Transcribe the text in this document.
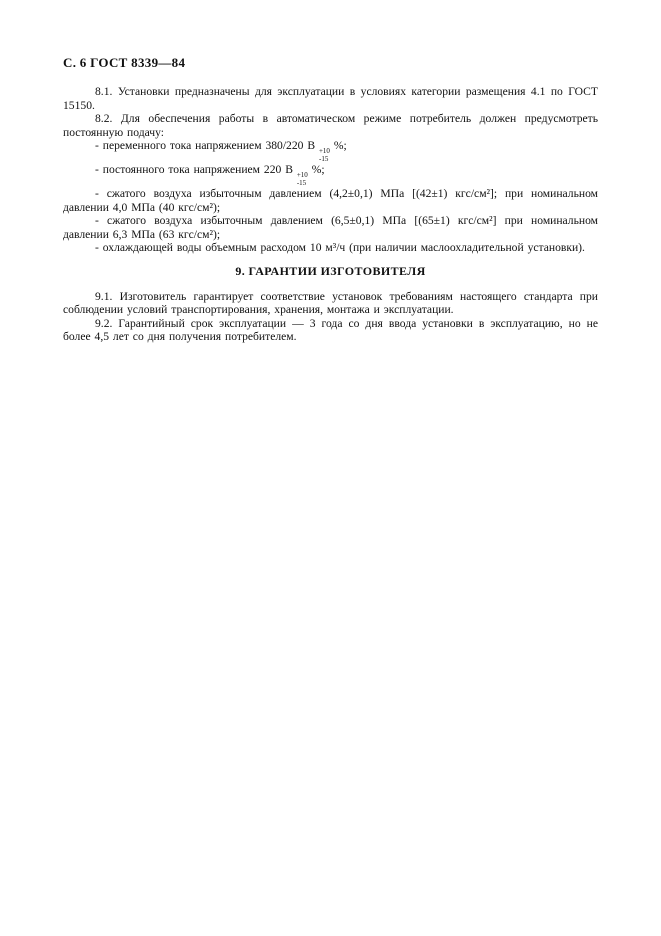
С. 6 ГОСТ 8339—84

8.1. Установки предназначены для эксплуатации в условиях категории размещения 4.1 по ГОСТ 15150.

8.2. Для обеспечения работы в автоматическом режиме потребитель должен предусмотреть постоянную подачу:

- переменного тока напряжением 380/220 В +10
-15
%;

- постоянного тока напряжением 220 В +10
-15
%;

- сжатого воздуха избыточным давлением (4,2±0,1) МПа [(42±1) кгс/см²]; при номинальном давлении 4,0 МПа (40 кгс/см²);

- сжатого воздуха избыточным давлением (6,5±0,1) МПа [(65±1) кгс/см²] при номинальном давлении 6,3 МПа (63 кгс/см²);

- охлаждающей воды объемным расходом 10 м³/ч (при наличии маслоохладительной установки).

9. ГАРАНТИИ ИЗГОТОВИТЕЛЯ

9.1. Изготовитель гарантирует соответствие установок требованиям настоящего стандарта при соблюдении условий транспортирования, хранения, монтажа и эксплуатации.

9.2. Гарантийный срок эксплуатации — 3 года со дня ввода установки в эксплуатацию, но не более 4,5 лет со дня получения потребителем.
